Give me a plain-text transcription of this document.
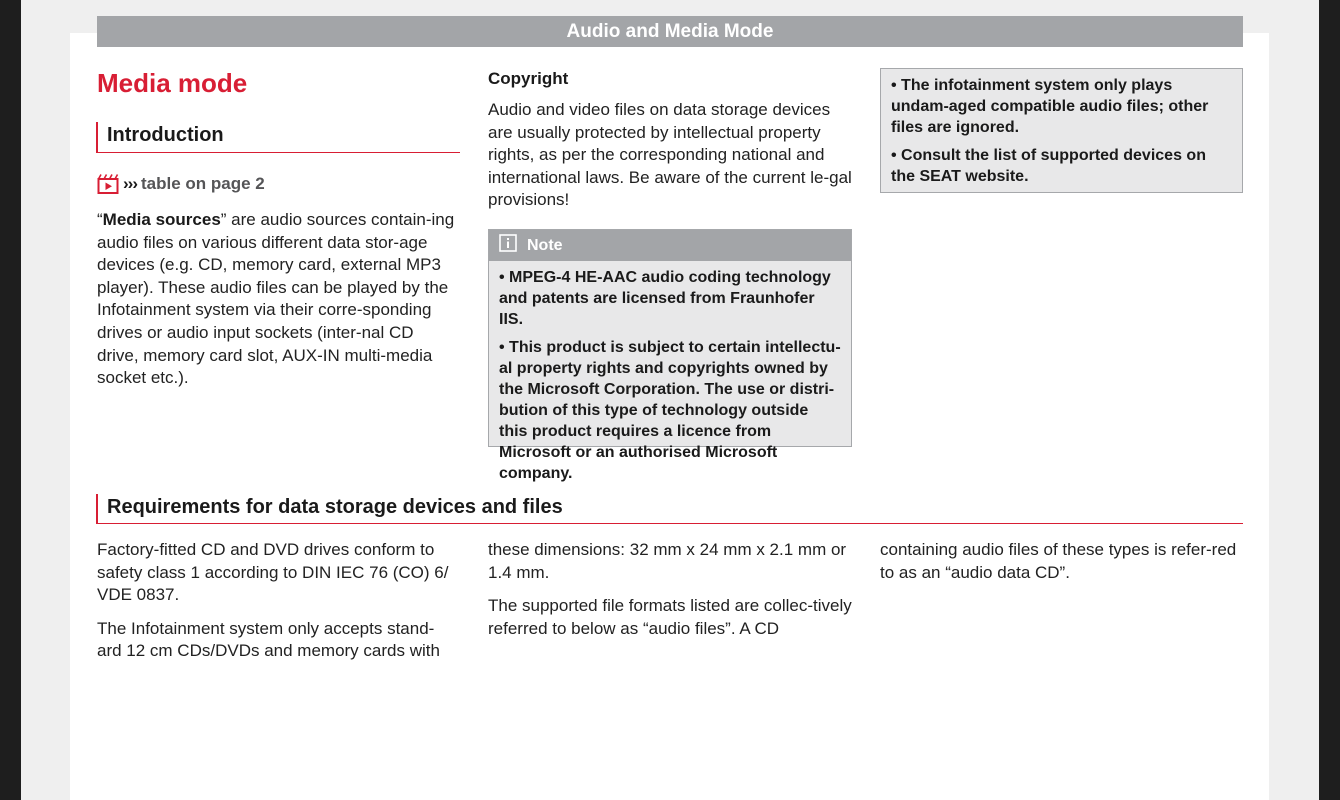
Audio and Media Mode
Media mode
Introduction
››› table on page 2

“Media sources” are audio sources contain-ing audio files on various different data stor-age devices (e.g. CD, memory card, external MP3 player). These audio files can be played by the Infotainment system via their corre-sponding drives or audio input sockets (inter-nal CD drive, memory card slot, AUX-IN multi-media socket etc.).

Copyright

Audio and video files on data storage devices are usually protected by intellectual property rights, as per the corresponding national and international laws. Be aware of the current le-gal provisions!

Note
• MPEG-4 HE-AAC audio coding technology and patents are licensed from Fraunhofer IIS.
• This product is subject to certain intellectu-al property rights and copyrights owned by the Microsoft Corporation. The use or distri-bution of this type of technology outside this product requires a licence from Microsoft or an authorised Microsoft company.
• The infotainment system only plays undam-aged compatible audio files; other files are ignored.
• Consult the list of supported devices on the SEAT website.
Requirements for data storage devices and files

Factory-fitted CD and DVD drives conform to safety class 1 according to DIN IEC 76 (CO) 6/ VDE 0837.

The Infotainment system only accepts stand-ard 12 cm CDs/DVDs and memory cards with

these dimensions: 32 mm x 24 mm x 2.1 mm or 1.4 mm.

The supported file formats listed are collec-tively referred to below as “audio files”. A CD

containing audio files of these types is refer-red to as an “audio data CD”.
